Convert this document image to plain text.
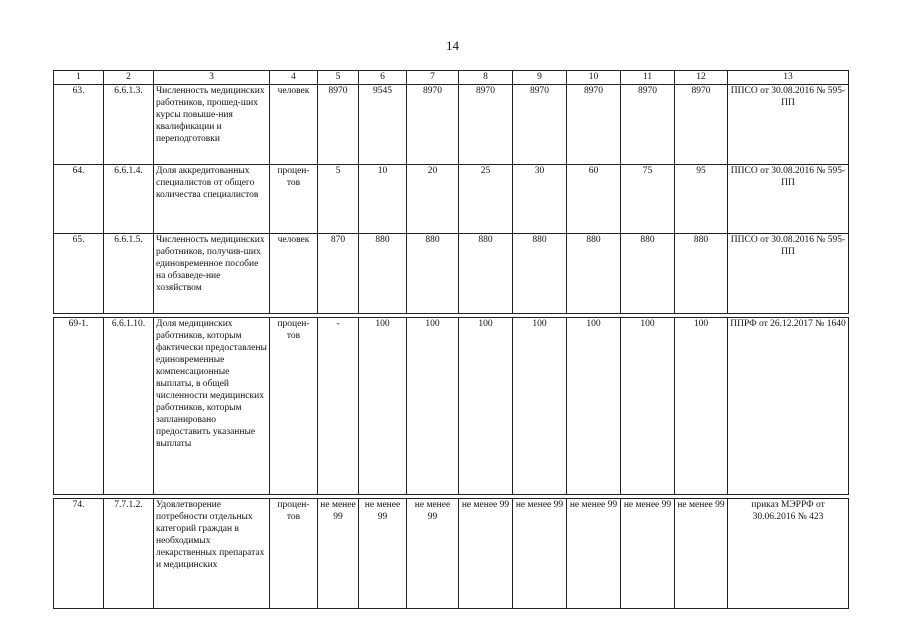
14
1	2	3	4	5	6	7	8	9	10	11	12	13
63.	6.6.1.3.	Численность медицинских работников, прошед-ших курсы повыше-ния квалификации и переподготовки	человек	8970	9545	8970	8970	8970	8970	8970	8970	ППСО от 30.08.2016 № 595-ПП
64.	6.6.1.4.	Доля аккредитованных специалистов от общего количества специалистов	процен-тов	5	10	20	25	30	60	75	95	ППСО от 30.08.2016 № 595-ПП
65.	6.6.1.5.	Численность медицинских работников, получив-ших единовременное пособие на обзаведе-ние хозяйством	человек	870	880	880	880	880	880	880	880	ППСО от 30.08.2016 № 595-ПП

69-1.	6.6.1.10.	Доля медицинских работников, которым фактически предоставлены единовременные компенсационные выплаты, в общей численности медицинских работников, которым запланировано предоставить указанные выплаты	процен-тов	-	100	100	100	100	100	100	100	ППРФ от 26.12.2017 № 1640

74.	7.7.1.2.	Удовлетворение потребности отдельных категорий граждан в необходимых лекарственных препаратах и медицинских	процен-тов	не менее 99	не менее 99	не менее 99	не менее 99	не менее 99	не менее 99	не менее 99	не менее 99	приказ МЭРРФ от 30.06.2016 № 423
